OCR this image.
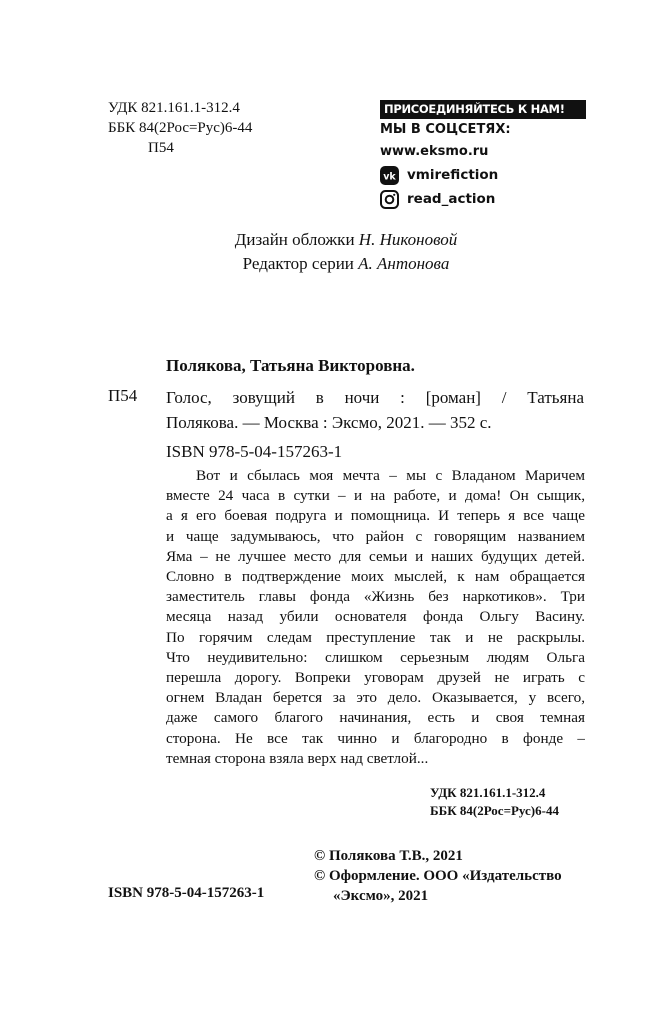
УДК 821.161.1-312.4
ББК 84(2Рос=Рус)6-44
П54
ПРИСОЕДИНЯЙТЕСЬ К НАМ!
МЫ В СОЦСЕТЯХ:
www.eksmo.ru
vk vmirefiction
read_action
Дизайн обложки Н. Никоновой
Редактор серии А. Антонова
Полякова, Татьяна Викторовна.
П54 Голос, зовущий в ночи : [роман] / Татьяна
Полякова. — Москва : Эксмо, 2021. — 352 с.
ISBN 978-5-04-157263-1
Вот и сбылась моя мечта – мы с Владаном Маричем
вместе 24 часа в сутки – и на работе, и дома! Он сыщик,
а я его боевая подруга и помощница. И теперь я все чаще
и чаще задумываюсь, что район с говорящим названием
Яма – не лучшее место для семьи и наших будущих детей.
Словно в подтверждение моих мыслей, к нам обращается
заместитель главы фонда «Жизнь без наркотиков». Три
месяца назад убили основателя фонда Ольгу Васину.
По горячим следам преступление так и не раскрылы.
Что неудивительно: слишком серьезным людям Ольга
перешла дорогу. Вопреки уговорам друзей не играть с
огнем Владан берется за это дело. Оказывается, у всего,
даже самого благого начинания, есть и своя темная
сторона. Не все так чинно и благородно в фонде –
темная сторона взяла верх над светлой...
УДК 821.161.1-312.4
ББК 84(2Рос=Рус)6-44
© Полякова Т.В., 2021
© Оформление. ООО «Издательство
«Эксмо», 2021
ISBN 978-5-04-157263-1
